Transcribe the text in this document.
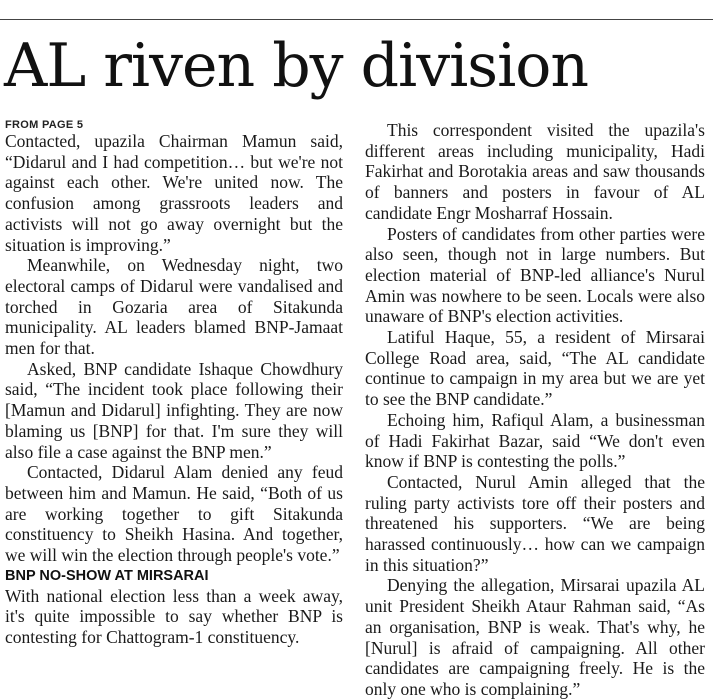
AL riven by division
FROM PAGE 5

Contacted, upazila Chairman Mamun said, “Didarul and I had competition… but we're not against each other. We're united now. The confusion among grassroots leaders and activists will not go away overnight but the situation is improving.”

Meanwhile, on Wednesday night, two electoral camps of Didarul were vandalised and torched in Gozaria area of Sitakunda municipality. AL leaders blamed BNP-Jamaat men for that.

Asked, BNP candidate Ishaque Chowdhury said, “The incident took place following their [Mamun and Didarul] infighting. They are now blaming us [BNP] for that. I'm sure they will also file a case against the BNP men.”

Contacted, Didarul Alam denied any feud between him and Mamun. He said, “Both of us are working together to gift Sitakunda constituency to Sheikh Hasina. And together, we will win the election through people's vote.”

BNP NO-SHOW AT MIRSARAI

With national election less than a week away, it's quite impossible to say whether BNP is contesting for Chattogram-1 constituency.

This correspondent visited the upazila's different areas including municipality, Hadi Fakirhat and Borotakia areas and saw thousands of banners and posters in favour of AL candidate Engr Mosharraf Hossain.

Posters of candidates from other parties were also seen, though not in large numbers. But election material of BNP-led alliance's Nurul Amin was nowhere to be seen. Locals were also unaware of BNP's election activities.

Latiful Haque, 55, a resident of Mirsarai College Road area, said, “The AL candidate continue to campaign in my area but we are yet to see the BNP candidate.”

Echoing him, Rafiqul Alam, a businessman of Hadi Fakirhat Bazar, said “We don't even know if BNP is contesting the polls.”

Contacted, Nurul Amin alleged that the ruling party activists tore off their posters and threatened his supporters. “We are being harassed continuously… how can we campaign in this situation?”

Denying the allegation, Mirsarai upazila AL unit President Sheikh Ataur Rahman said, “As an organisation, BNP is weak. That's why, he [Nurul] is afraid of campaigning. All other candidates are campaigning freely. He is the only one who is complaining.”
